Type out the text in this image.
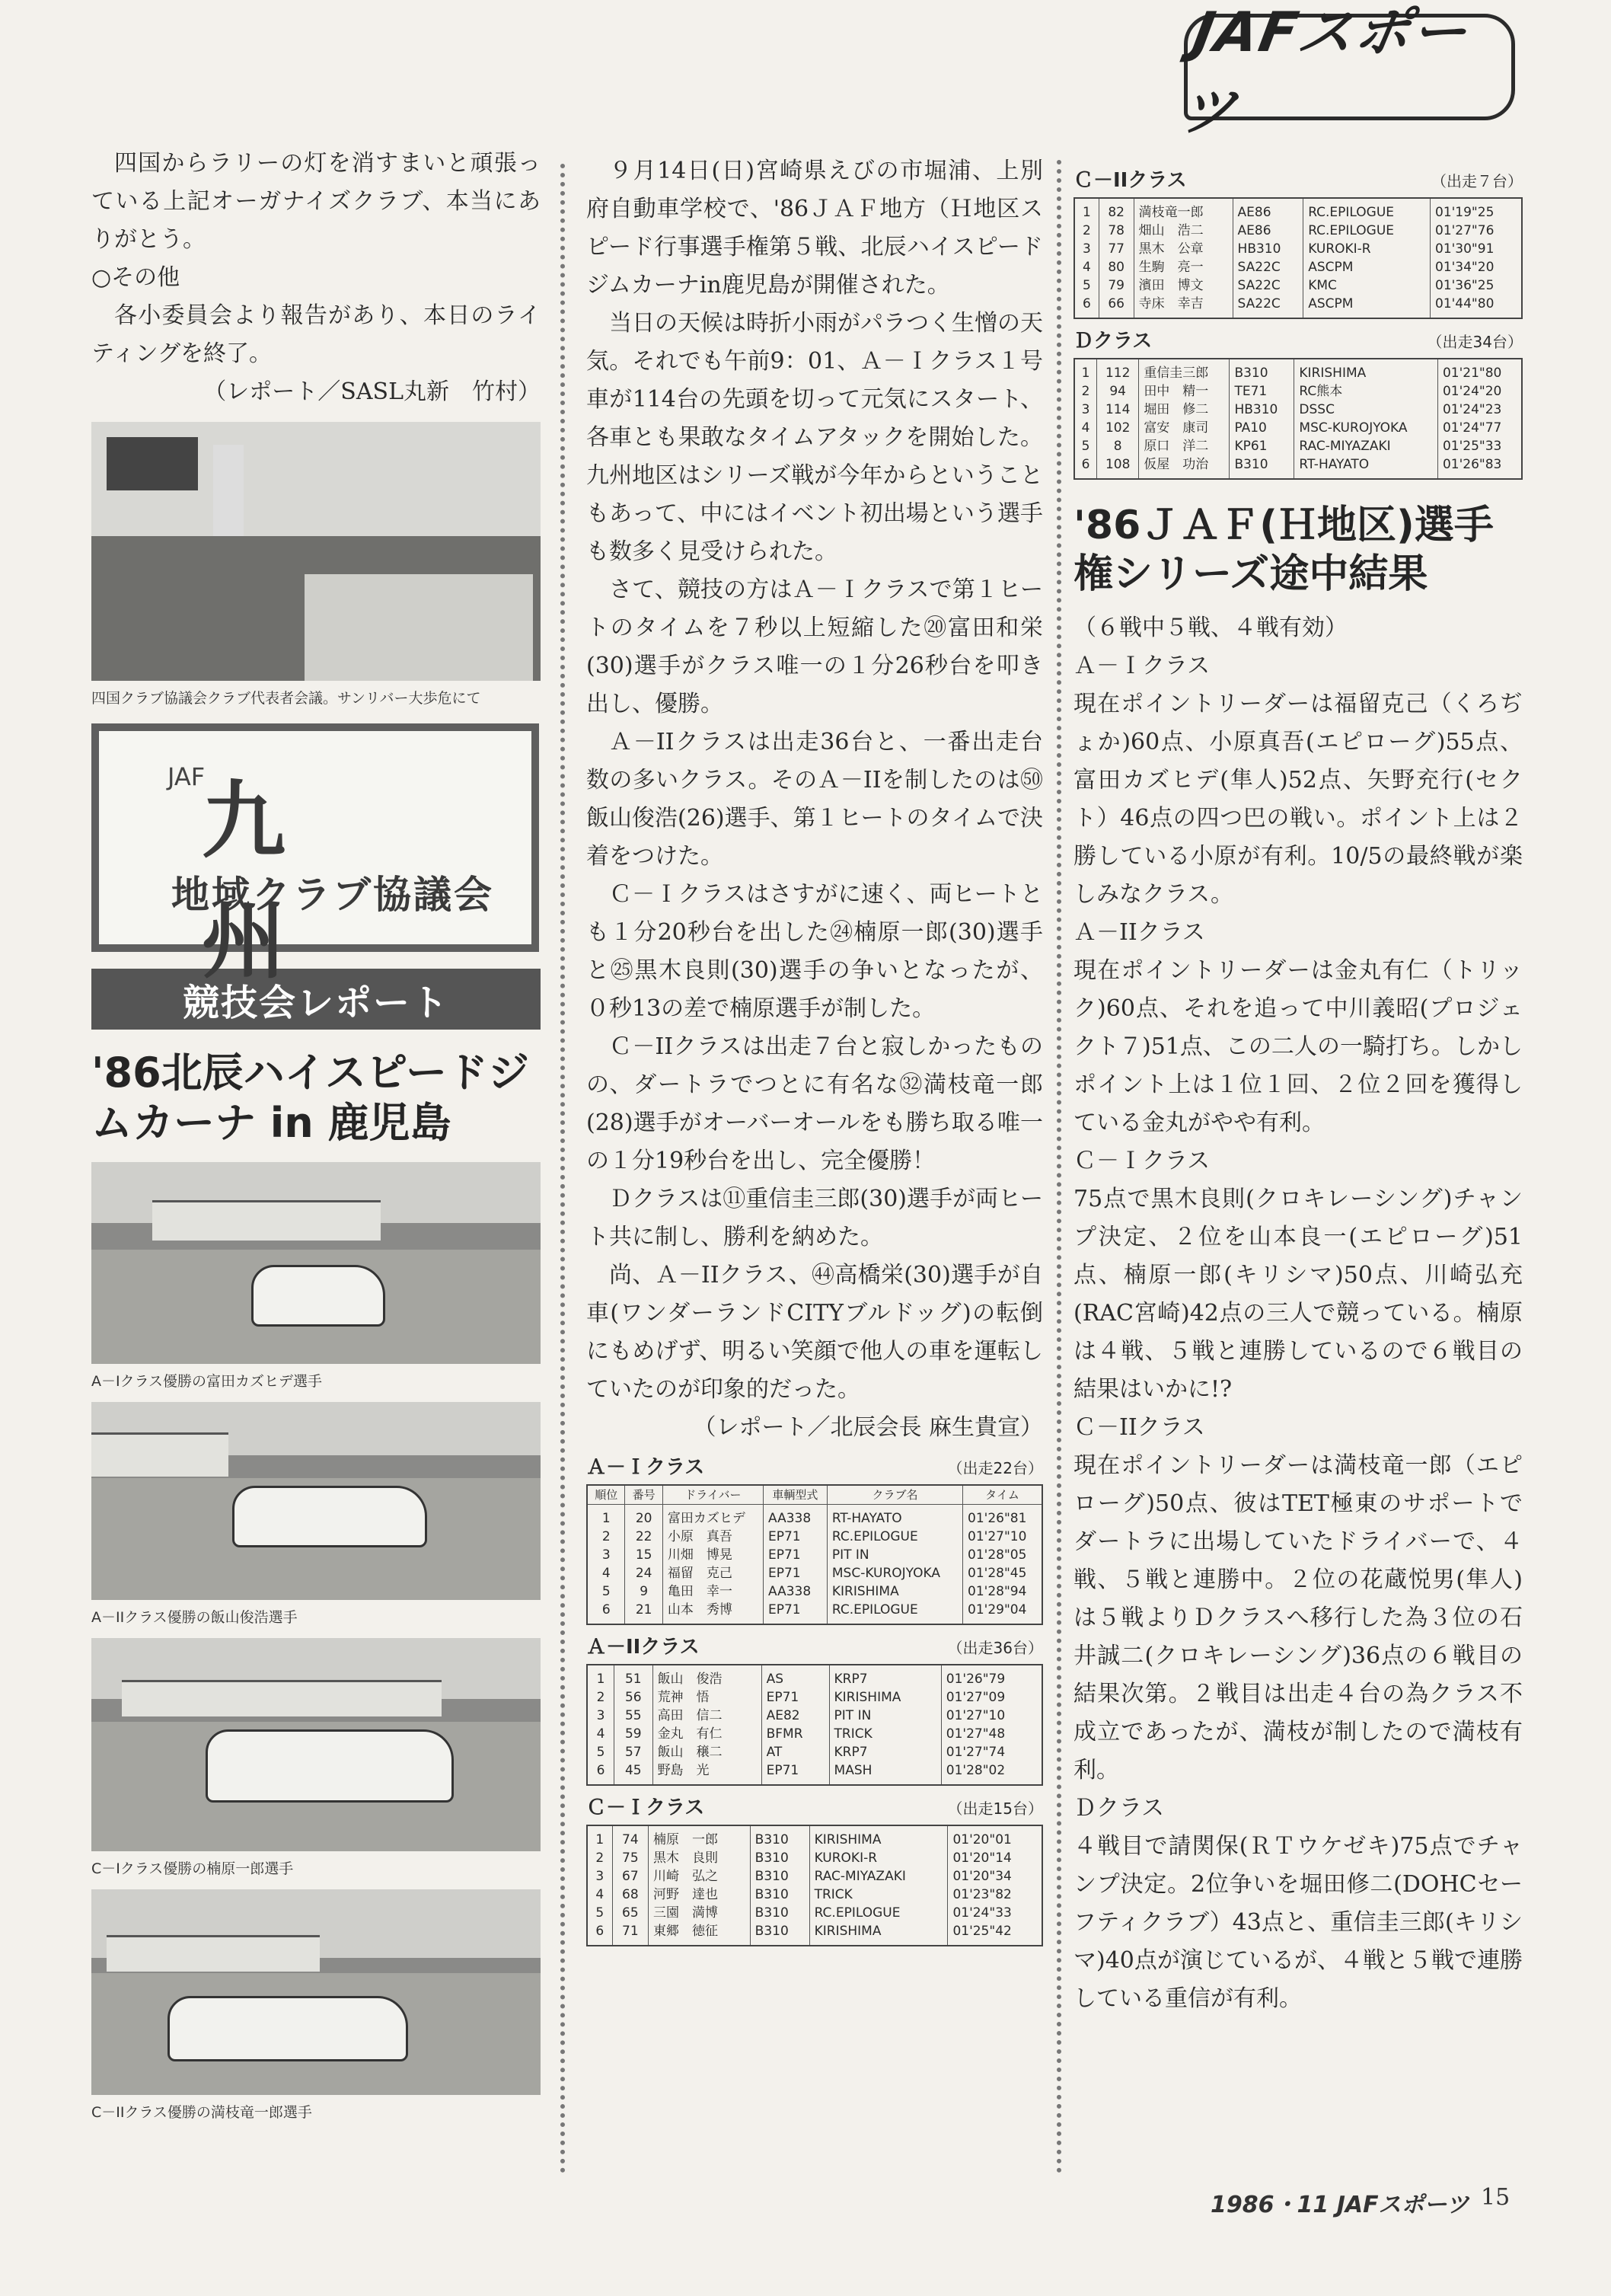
JAFスポーツ

四国からラリーの灯を消すまいと頑張っている上記オーガナイズクラブ、本当にありがとう。

○その他

各小委員会より報告があり、本日のライティングを終了。

（レポート／SASL丸新　竹村）

四国クラブ協議会クラブ代表者会議。サンリバー大歩危にて
JAF
九州
地域クラブ協議会
競技会レポート
'86北辰ハイスピードジムカーナ in 鹿児島
A－Iクラス優勝の富田カズヒデ選手
A－IIクラス優勝の飯山俊浩選手
C－Iクラス優勝の楠原一郎選手
C－IIクラス優勝の満枝竜一郎選手

９月14日(日)宮崎県えびの市堀浦、上別府自動車学校で、'86ＪＡＦ地方（Ｈ地区スピード行事選手権第５戦、北辰ハイスピードジムカーナin鹿児島が開催された。

当日の天候は時折小雨がパラつく生憎の天気。それでも午前9：01、Ａ－Ｉクラス１号車が114台の先頭を切って元気にスタート、各車とも果敢なタイムアタックを開始した。九州地区はシリーズ戦が今年からということもあって、中にはイベント初出場という選手も数多く見受けられた。

さて、競技の方はＡ－Ｉクラスで第１ヒートのタイムを７秒以上短縮した⑳富田和栄(30)選手がクラス唯一の１分26秒台を叩き出し、優勝。

Ａ－IIクラスは出走36台と、一番出走台数の多いクラス。そのＡ－IIを制したのは㊿飯山俊浩(26)選手、第１ヒートのタイムで決着をつけた。

Ｃ－Ｉクラスはさすがに速く、両ヒートとも１分20秒台を出した㉔楠原一郎(30)選手と㉕黒木良則(30)選手の争いとなったが、０秒13の差で楠原選手が制した。

Ｃ－IIクラスは出走７台と寂しかったものの、ダートラでつとに有名な㉜満枝竜一郎(28)選手がオーバーオールをも勝ち取る唯一の１分19秒台を出し、完全優勝！

Ｄクラスは⑪重信圭三郎(30)選手が両ヒート共に制し、勝利を納めた。

尚、Ａ－IIクラス、㊹高橋栄(30)選手が自車(ワンダーランドCITYブルドッグ)の転倒にもめげず、明るい笑顔で他人の車を運転していたのが印象的だった。

（レポート／北辰会長 麻生貴宣）

Ａ－Ｉクラス	（出走22台）
順位	番号	ドライバー	車輌型式	クラブ名	タイム
1	20	富田カズヒデ	AA338	RT-HAYATO	01'26"81
2	22	小原　真吾	EP71	RC.EPILOGUE	01'27"10
3	15	川畑　博晃	EP71	PIT IN	01'28"05
4	24	福留　克己	EP71	MSC-KUROJYOKA	01'28"45
5	9	亀田　幸一	AA338	KIRISHIMA	01'28"94
6	21	山本　秀博	EP71	RC.EPILOGUE	01'29"04
Ａ－IIクラス	（出走36台）
1	51	飯山　俊浩	AS	KRP7	01'26"79
2	56	荒神　悟	EP71	KIRISHIMA	01'27"09
3	55	高田　信二	AE82	PIT IN	01'27"10
4	59	金丸　有仁	BFMR	TRICK	01'27"48
5	57	飯山　穣二	AT	KRP7	01'27"74
6	45	野島　光	EP71	MASH	01'28"02
Ｃ－Ｉクラス	（出走15台）
1	74	楠原　一郎	B310	KIRISHIMA	01'20"01
2	75	黒木　良則	B310	KUROKI-R	01'20"14
3	67	川崎　弘之	B310	RAC-MIYAZAKI	01'20"34
4	68	河野　達也	B310	TRICK	01'23"82
5	65	三園　満博	B310	RC.EPILOGUE	01'24"33
6	71	東郷　徳征	B310	KIRISHIMA	01'25"42
Ｃ－IIクラス	（出走７台）
1	82	満枝竜一郎	AE86	RC.EPILOGUE	01'19"25
2	78	畑山　浩二	AE86	RC.EPILOGUE	01'27"76
3	77	黒木　公章	HB310	KUROKI-R	01'30"91
4	80	生駒　亮一	SA22C	ASCPM	01'34"20
5	79	濱田　博文	SA22C	KMC	01'36"25
6	66	寺床　幸吉	SA22C	ASCPM	01'44"80
Ｄクラス	（出走34台）
1	112	重信圭三郎	B310	KIRISHIMA	01'21"80
2	94	田中　精一	TE71	RC熊本	01'24"20
3	114	堀田　修二	HB310	DSSC	01'24"23
4	102	富安　康司	PA10	MSC-KUROJYOKA	01'24"77
5	8	原口　洋二	KP61	RAC-MIYAZAKI	01'25"33
6	108	仮屋　功治	B310	RT-HAYATO	01'26"83
'86ＪＡＦ(Ｈ地区)選手権シリーズ途中結果

（６戦中５戦、４戦有効）

Ａ－Ｉクラス

現在ポイントリーダーは福留克己（くろぢょか)60点、小原真吾(エピローグ)55点、富田カズヒデ(隼人)52点、矢野充行(セクト）46点の四つ巴の戦い。ポイント上は２勝している小原が有利。10/5の最終戦が楽しみなクラス。

Ａ－IIクラス

現在ポイントリーダーは金丸有仁（トリック)60点、それを追って中川義昭(プロジェクト７)51点、この二人の一騎打ち。しかしポイント上は１位１回、２位２回を獲得している金丸がやや有利。

Ｃ－Ｉクラス

75点で黒木良則(クロキレーシング)チャンプ決定、２位を山本良一(エピローグ)51点、楠原一郎(キリシマ)50点、川崎弘充(RAC宮崎)42点の三人で競っている。楠原は４戦、５戦と連勝しているので６戦目の結果はいかに!?

Ｃ－IIクラス

現在ポイントリーダーは満枝竜一郎（エピローグ)50点、彼はTET極東のサポートでダートラに出場していたドライバーで、４戦、５戦と連勝中。２位の花蔵悦男(隼人)は５戦よりＤクラスへ移行した為３位の石井誠二(クロキレーシング)36点の６戦目の結果次第。２戦目は出走４台の為クラス不成立であったが、満枝が制したので満枝有利。

Ｄクラス

４戦目で請関保(ＲＴウケゼキ)75点でチャンプ決定。2位争いを堀田修二(DOHCセーフティクラブ）43点と、重信圭三郎(キリシマ)40点が演じているが、４戦と５戦で連勝している重信が有利。

1986・11 JAFスポーツ 15
